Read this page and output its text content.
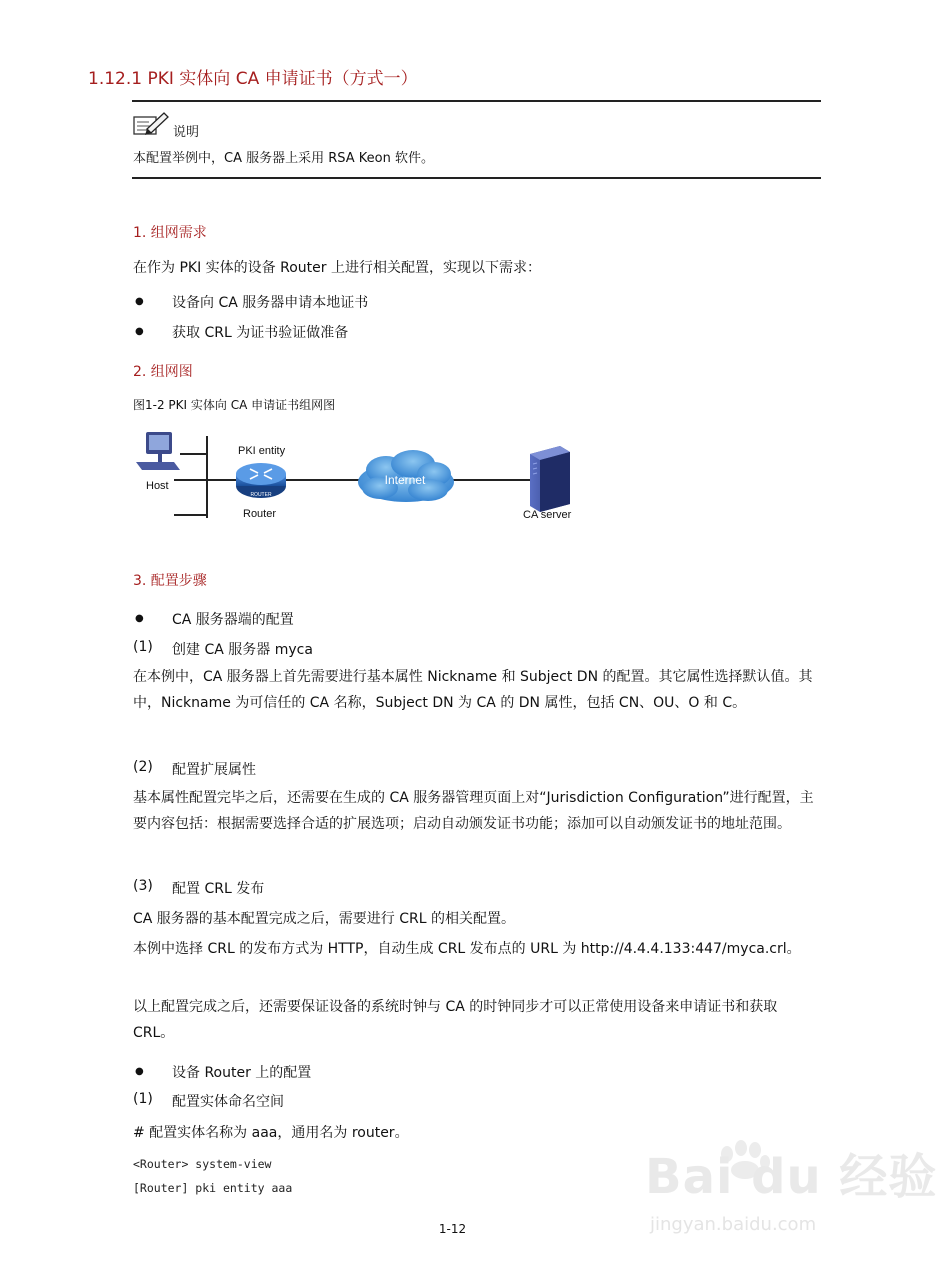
1.12.1 PKI 实体向 CA 申请证书（方式一）
说明
本配置举例中，CA 服务器上采用 RSA Keon 软件。
1. 组网需求
在作为 PKI 实体的设备 Router 上进行相关配置，实现以下需求：
● 设备向 CA 服务器申请本地证书
● 获取 CRL 为证书验证做准备
2. 组网图
图1-2 PKI 实体向 CA 申请证书组网图
Host
ROUTER
PKI entity
Router
Internet
CA server
3. 配置步骤
● CA 服务器端的配置
(1) 创建 CA 服务器 myca
在本例中，CA 服务器上首先需要进行基本属性 Nickname 和 Subject DN 的配置。其它属性选择默认值。其中，Nickname 为可信任的 CA 名称，Subject DN 为 CA 的 DN 属性，包括 CN、OU、O 和 C。
(2) 配置扩展属性
基本属性配置完毕之后，还需要在生成的 CA 服务器管理页面上对“Jurisdiction Configuration”进行配置，主要内容包括：根据需要选择合适的扩展选项；启动自动颁发证书功能；添加可以自动颁发证书的地址范围。
(3) 配置 CRL 发布
CA 服务器的基本配置完成之后，需要进行 CRL 的相关配置。
本例中选择 CRL 的发布方式为 HTTP，自动生成 CRL 发布点的 URL 为 http://4.4.4.133:447/myca.crl。
以上配置完成之后，还需要保证设备的系统时钟与 CA 的时钟同步才可以正常使用设备来申请证书和获取 CRL。
● 设备 Router 上的配置
(1) 配置实体命名空间
# 配置实体名称为 aaa，通用名为 router。
<Router> system-view
[Router] pki entity aaa
1-12
Bai du 经验
jingyan.baidu.com
